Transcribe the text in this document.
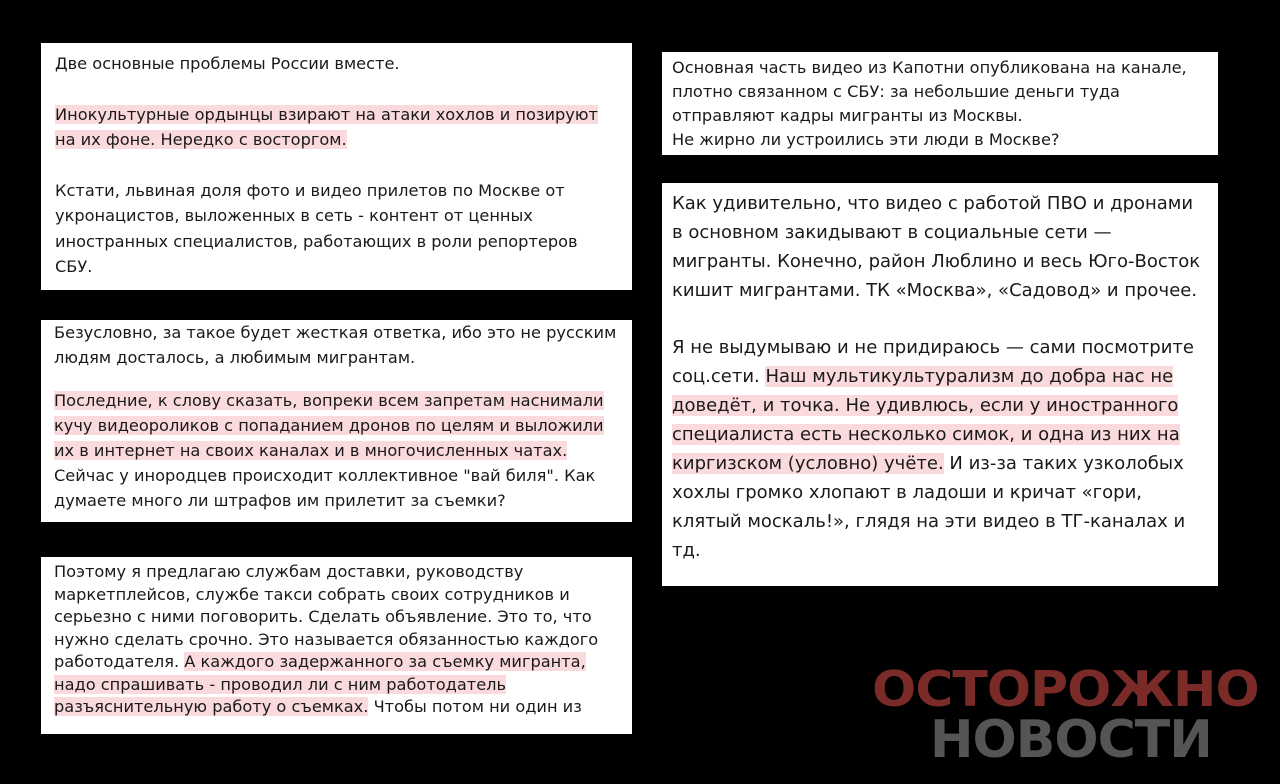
Две основные проблемы России вместе.

Инокультурные ордынцы взирают на атаки хохлов и позируют на их фоне. Нередко с восторгом.

Кстати, львиная доля фото и видео прилетов по Москве от укронацистов, выложенных в сеть - контент от ценных иностранных специалистов, работающих в роли репортеров СБУ.

Безусловно, за такое будет жесткая ответка, ибо это не русским людям досталось, а любимым мигрантам.

Последние, к слову сказать, вопреки всем запретам наснимали кучу видеороликов с попаданием дронов по целям и выложили их в интернет на своих каналах и в многочисленных чатах. Сейчас у инородцев происходит коллективное "вай биля". Как думаете много ли штрафов им прилетит за съемки?

Поэтому я предлагаю службам доставки, руководству маркетплейсов, службе такси собрать своих сотрудников и серьезно с ними поговорить. Сделать объявление. Это то, что нужно сделать срочно. Это называется обязанностью каждого работодателя. А каждого задержанного за съемку мигранта, надо спрашивать - проводил ли с ним работодатель разъяснительную работу о съемках. Чтобы потом ни один из

Основная часть видео из Капотни опубликована на канале, плотно связанном с СБУ: за небольшие деньги туда отправляют кадры мигранты из Москвы.
Не жирно ли устроились эти люди в Москве?

Как удивительно, что видео с работой ПВО и дронами в основном закидывают в социальные сети — мигранты. Конечно, район Люблино и весь Юго-Восток кишит мигрантами. ТК «Москва», «Садовод» и прочее.

Я не выдумываю и не придираюсь — сами посмотрите соц.сети. Наш мультикультурализм до добра нас не доведёт, и точка. Не удивлюсь, если у иностранного специалиста есть несколько симок, и одна из них на киргизском (условно) учёте. И из-за таких узколобых хохлы громко хлопают в ладоши и кричат «гори, клятый москаль!», глядя на эти видео в ТГ-каналах и тд.

ОСТОРОЖНО
НОВОСТИ
